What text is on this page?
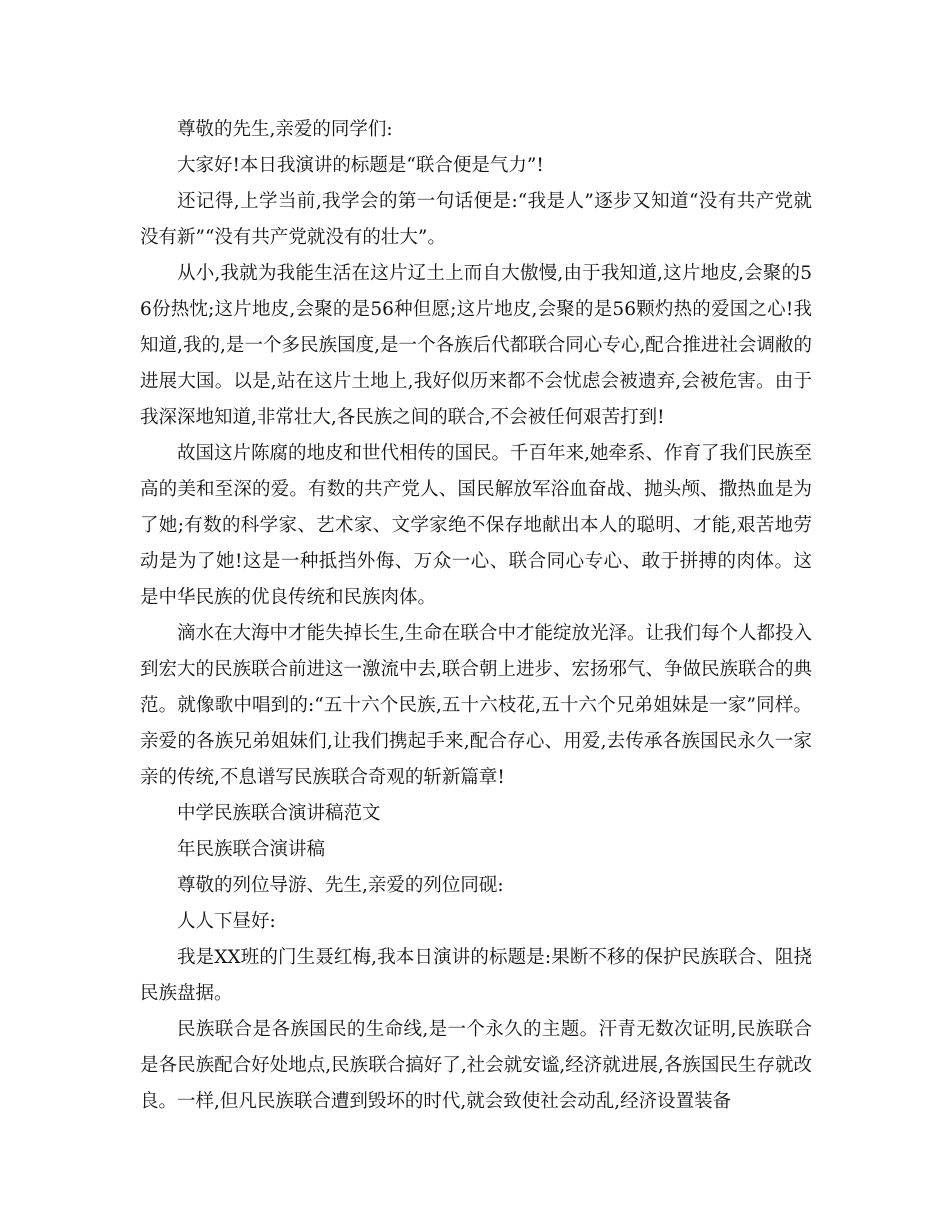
尊敬的先生,亲爱的同学们:

大家好!本日我演讲的标题是“联合便是气力”!

还记得,上学当前,我学会的第一句话便是:“我是人”逐步又知道“没有共产党就没有新”“没有共产党就没有的壮大”。

从小,我就为我能生活在这片辽土上而自大傲慢,由于我知道,这片地皮,会聚的56份热忱;这片地皮,会聚的是56种但愿;这片地皮,会聚的是56颗灼热的爱国之心!我知道,我的,是一个多民族国度,是一个各族后代都联合同心专心,配合推进社会调敝的进展大国。以是,站在这片土地上,我好似历来都不会忧虑会被遗弃,会被危害。由于我深深地知道,非常壮大,各民族之间的联合,不会被任何艰苦打到!

故国这片陈腐的地皮和世代相传的国民。千百年来,她牵系、作育了我们民族至高的美和至深的爱。有数的共产党人、国民解放军浴血奋战、抛头颅、撒热血是为了她;有数的科学家、艺术家、文学家绝不保存地献出本人的聪明、才能,艰苦地劳动是为了她!这是一种抵挡外侮、万众一心、联合同心专心、敢于拼搏的肉体。这是中华民族的优良传统和民族肉体。

滴水在大海中才能失掉长生,生命在联合中才能绽放光泽。让我们每个人都投入到宏大的民族联合前进这一激流中去,联合朝上进步、宏扬邪气、争做民族联合的典范。就像歌中唱到的:“五十六个民族,五十六枝花,五十六个兄弟姐妹是一家”同样。亲爱的各族兄弟姐妹们,让我们携起手来,配合存心、用爱,去传承各族国民永久一家亲的传统,不息谱写民族联合奇观的斩新篇章!

中学民族联合演讲稿范文

年民族联合演讲稿

尊敬的列位导游、先生,亲爱的列位同砚:

人人下昼好:

我是XX班的门生聂红梅,我本日演讲的标题是:果断不移的保护民族联合、阻挠民族盘据。

民族联合是各族国民的生命线,是一个永久的主题。汗青无数次证明,民族联合是各民族配合好处地点,民族联合搞好了,社会就安谧,经济就进展,各族国民生存就改良。一样,但凡民族联合遭到毁坏的时代,就会致使社会动乱,经济设置装备
